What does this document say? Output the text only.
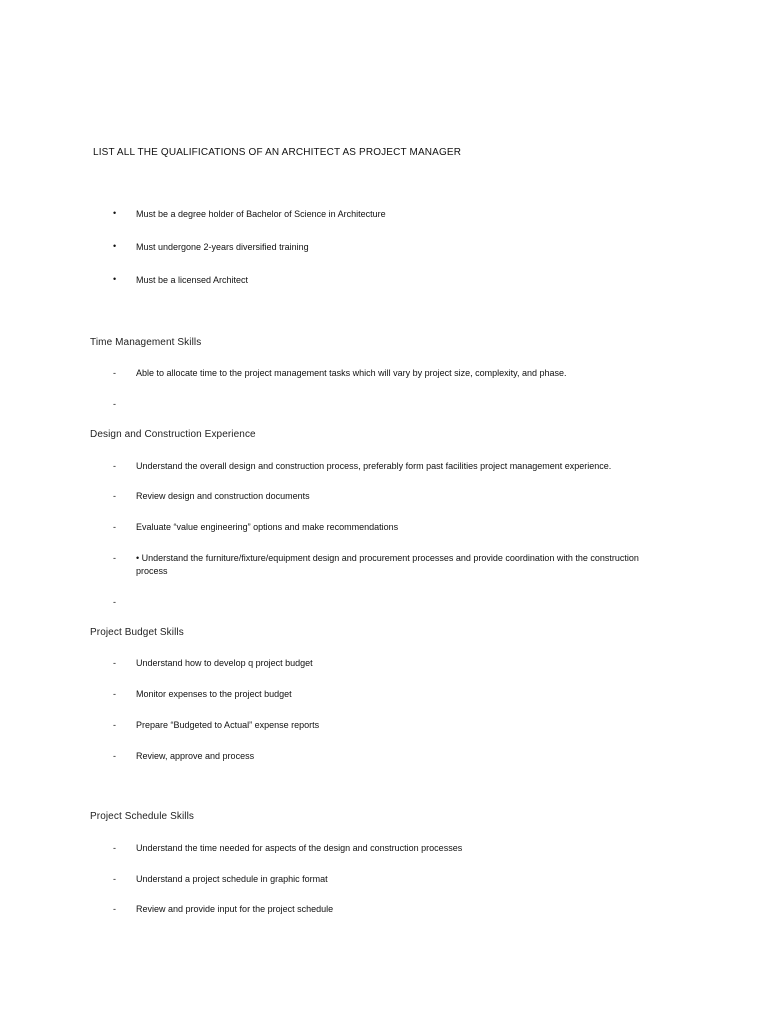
LIST ALL THE QUALIFICATIONS OF AN ARCHITECT AS PROJECT MANAGER
• Must be a degree holder of Bachelor of Science in Architecture
• Must undergone 2-years diversified training
• Must be a licensed Architect
Time Management Skills
- Able to allocate time to the project management tasks which will vary by project size, complexity, and phase.
-
Design and Construction Experience
- Understand the overall design and construction process, preferably form past facilities project management experience.
- Review design and construction documents
- Evaluate “value engineering” options and make recommendations
- • Understand the furniture/fixture/equipment design and procurement processes and provide coordination with the construction process
-
Project Budget Skills
- Understand how to develop q project budget
- Monitor expenses to the project budget
- Prepare “Budgeted to Actual” expense reports
- Review, approve and process
Project Schedule Skills
- Understand the time needed for aspects of the design and construction processes
- Understand a project schedule in graphic format
- Review and provide input for the project schedule
